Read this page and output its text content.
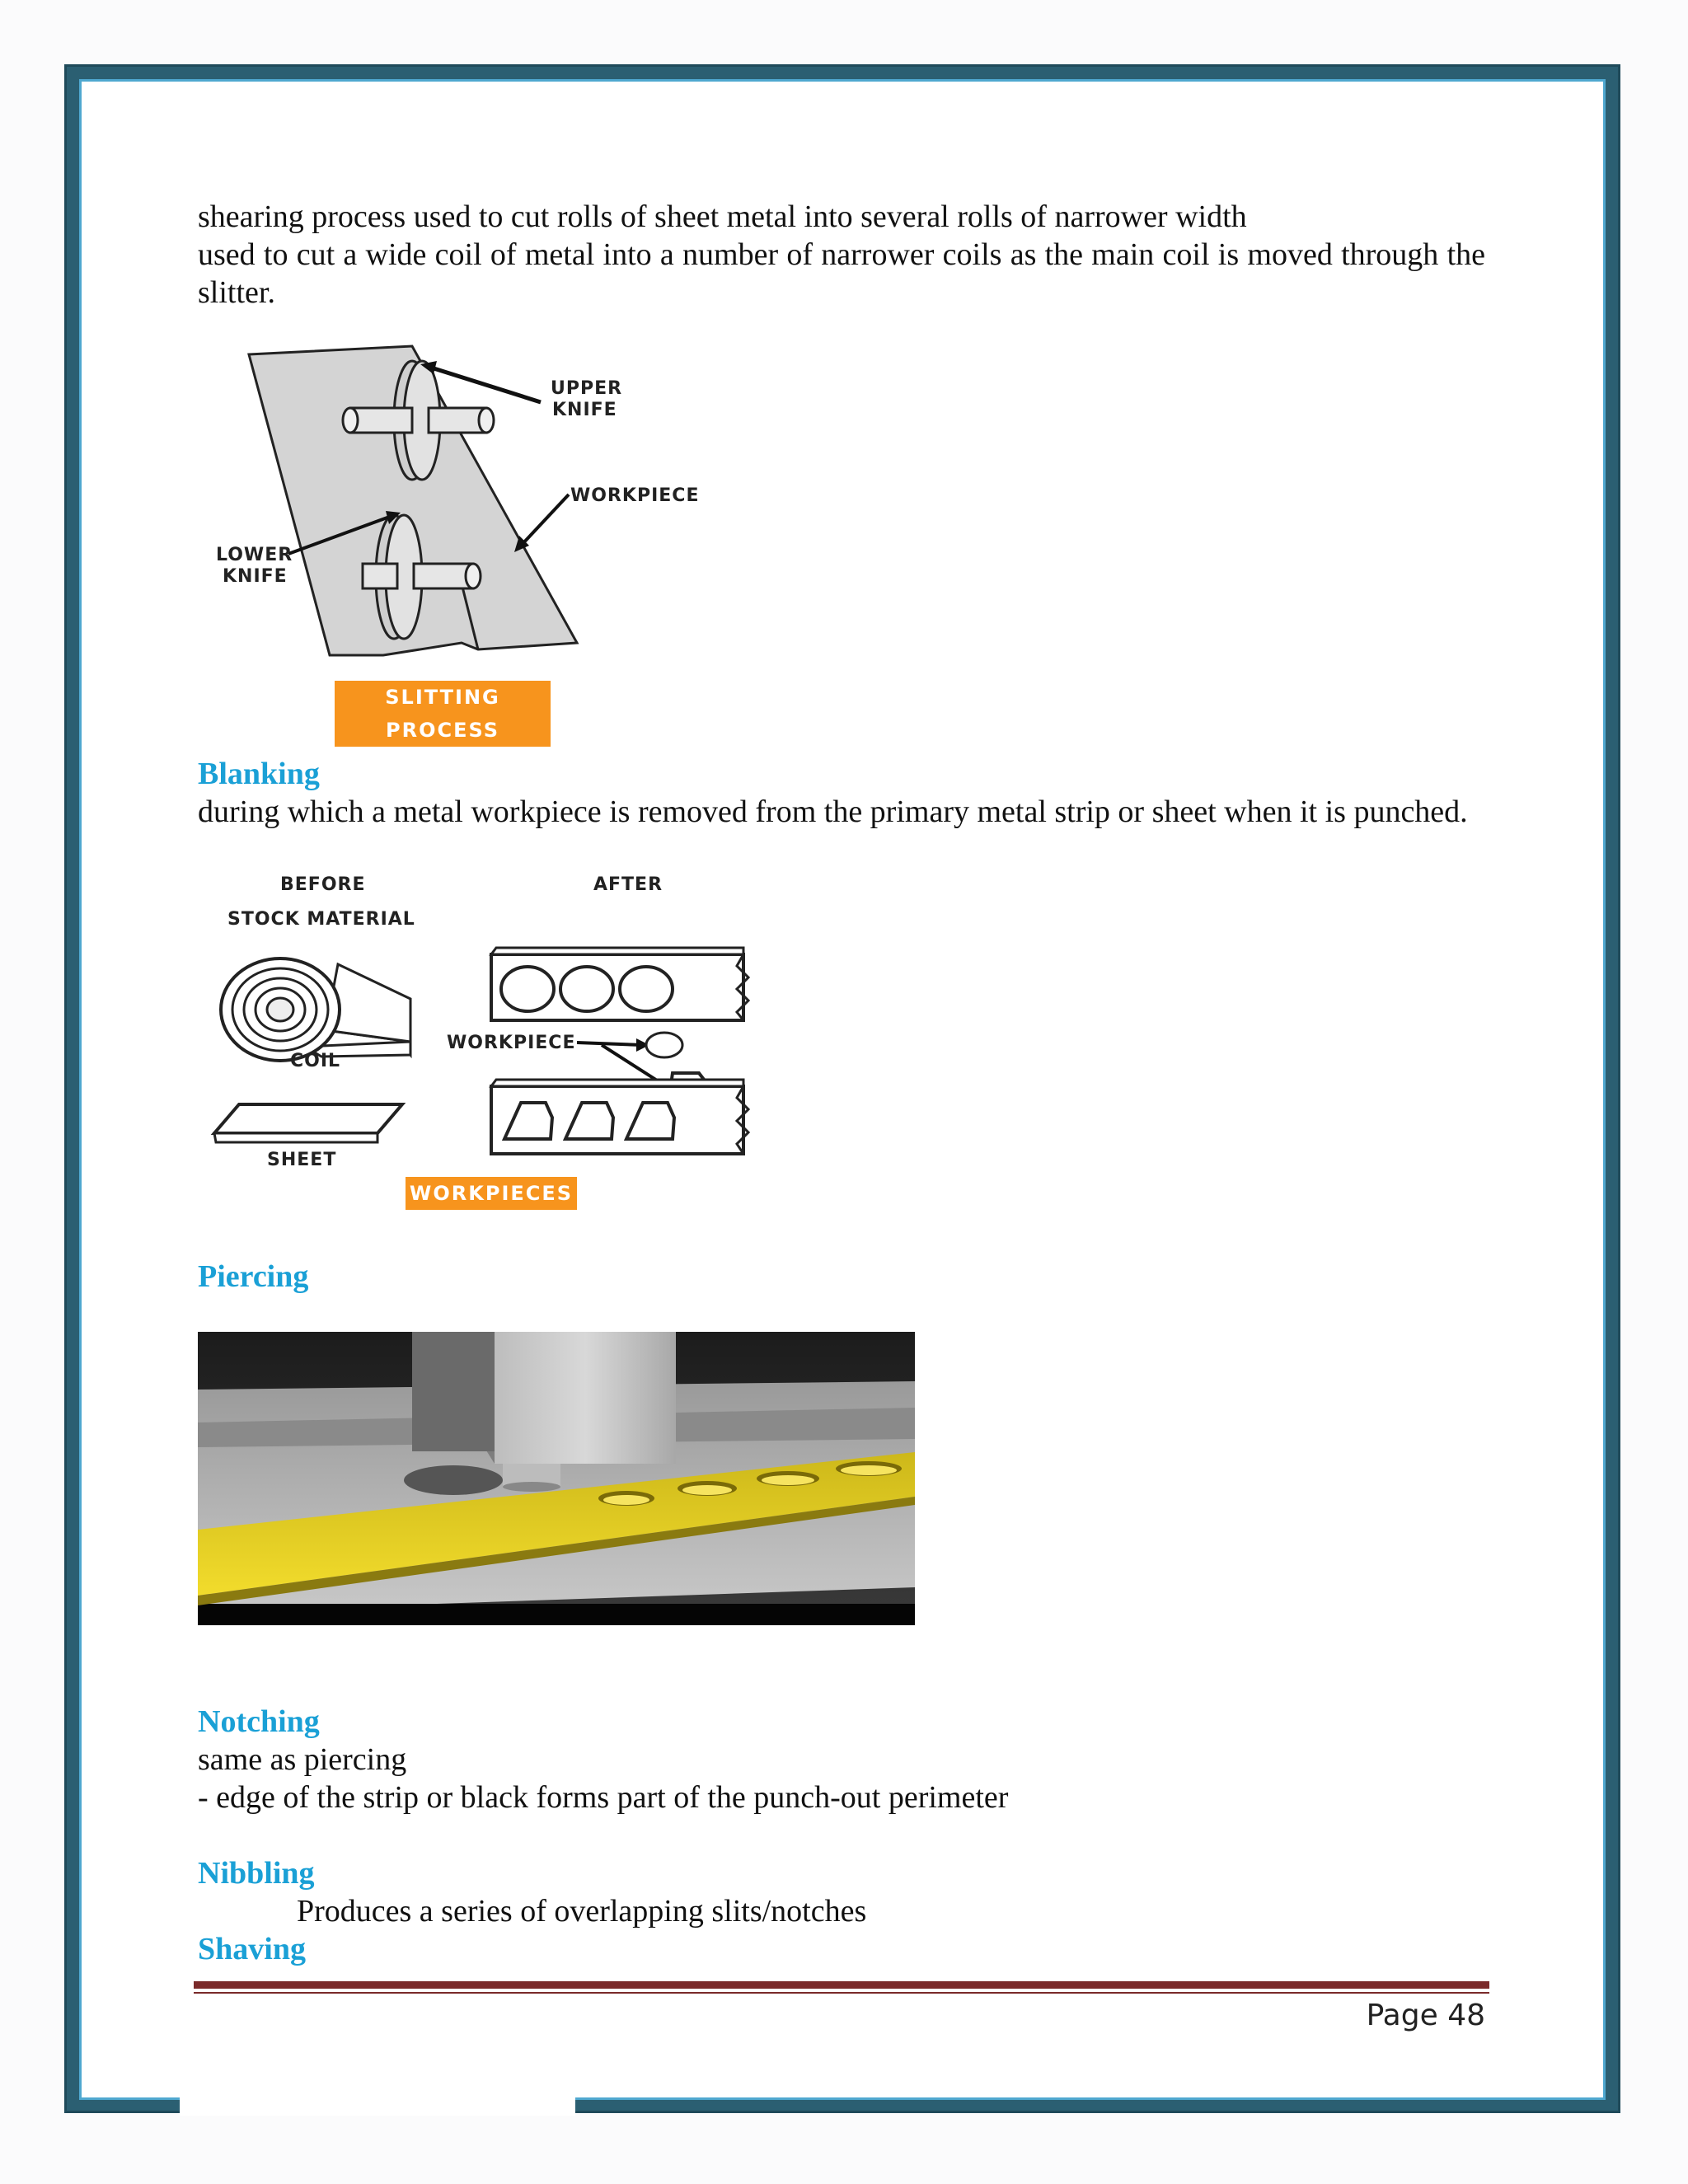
shearing process used to cut rolls of sheet metal into several rolls of narrower width
used to cut a wide coil of metal into a number of narrower coils as the main coil is moved through the slitter.
UPPER
KNIFE
WORKPIECE
LOWER
KNIFE
SLITTING PROCESS
Blanking
during which a metal workpiece is removed from the primary metal strip or sheet when it is punched.
BEFORE	AFTER
STOCK MATERIAL
COIL
SHEET
WORKPIECE
WORKPIECES
Piercing
Notching
same as piercing
- edge of the strip or black forms part of the punch-out perimeter
Nibbling
Produces a series of overlapping slits/notches
Shaving
Page 48
